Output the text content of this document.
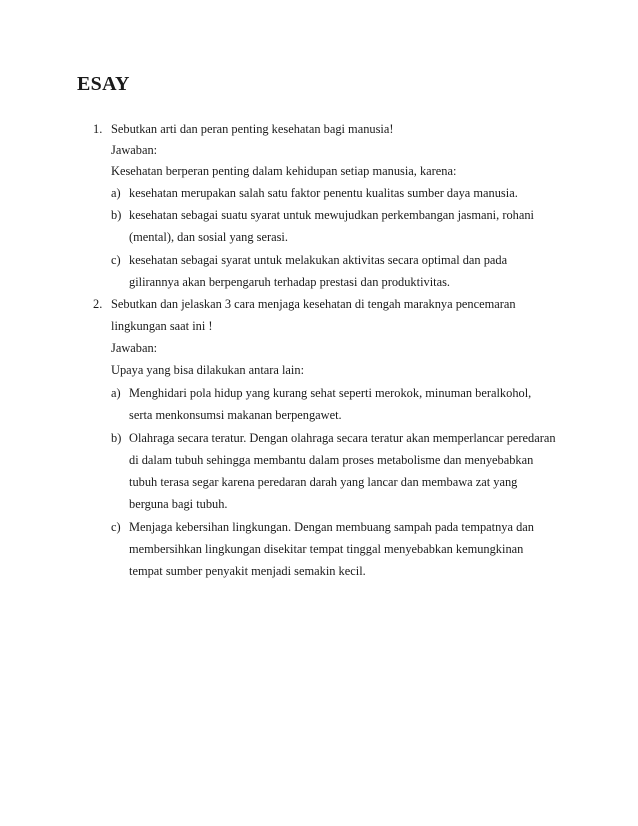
ESAY
1. Sebutkan arti dan peran penting kesehatan bagi manusia!
Jawaban:
Kesehatan berperan penting dalam kehidupan setiap manusia, karena:
a) kesehatan merupakan salah satu faktor penentu kualitas sumber daya manusia.
b) kesehatan sebagai suatu syarat untuk mewujudkan perkembangan jasmani, rohani
(mental), dan sosial yang serasi.
c) kesehatan sebagai syarat untuk melakukan aktivitas secara optimal dan pada
gilirannya akan berpengaruh terhadap prestasi dan produktivitas.
2. Sebutkan dan jelaskan 3 cara menjaga kesehatan di tengah maraknya pencemaran
lingkungan saat ini !
Jawaban:
Upaya yang bisa dilakukan antara lain:
a) Menghidari pola hidup yang kurang sehat seperti merokok, minuman beralkohol,
serta menkonsumsi makanan berpengawet.
b) Olahraga secara teratur. Dengan olahraga secara teratur akan memperlancar peredaran
di dalam tubuh sehingga membantu dalam proses metabolisme dan menyebabkan
tubuh terasa segar karena peredaran darah yang lancar dan membawa zat yang
berguna bagi tubuh.
c) Menjaga kebersihan lingkungan. Dengan membuang sampah pada tempatnya dan
membersihkan lingkungan disekitar tempat tinggal menyebabkan kemungkinan
tempat sumber penyakit menjadi semakin kecil.
